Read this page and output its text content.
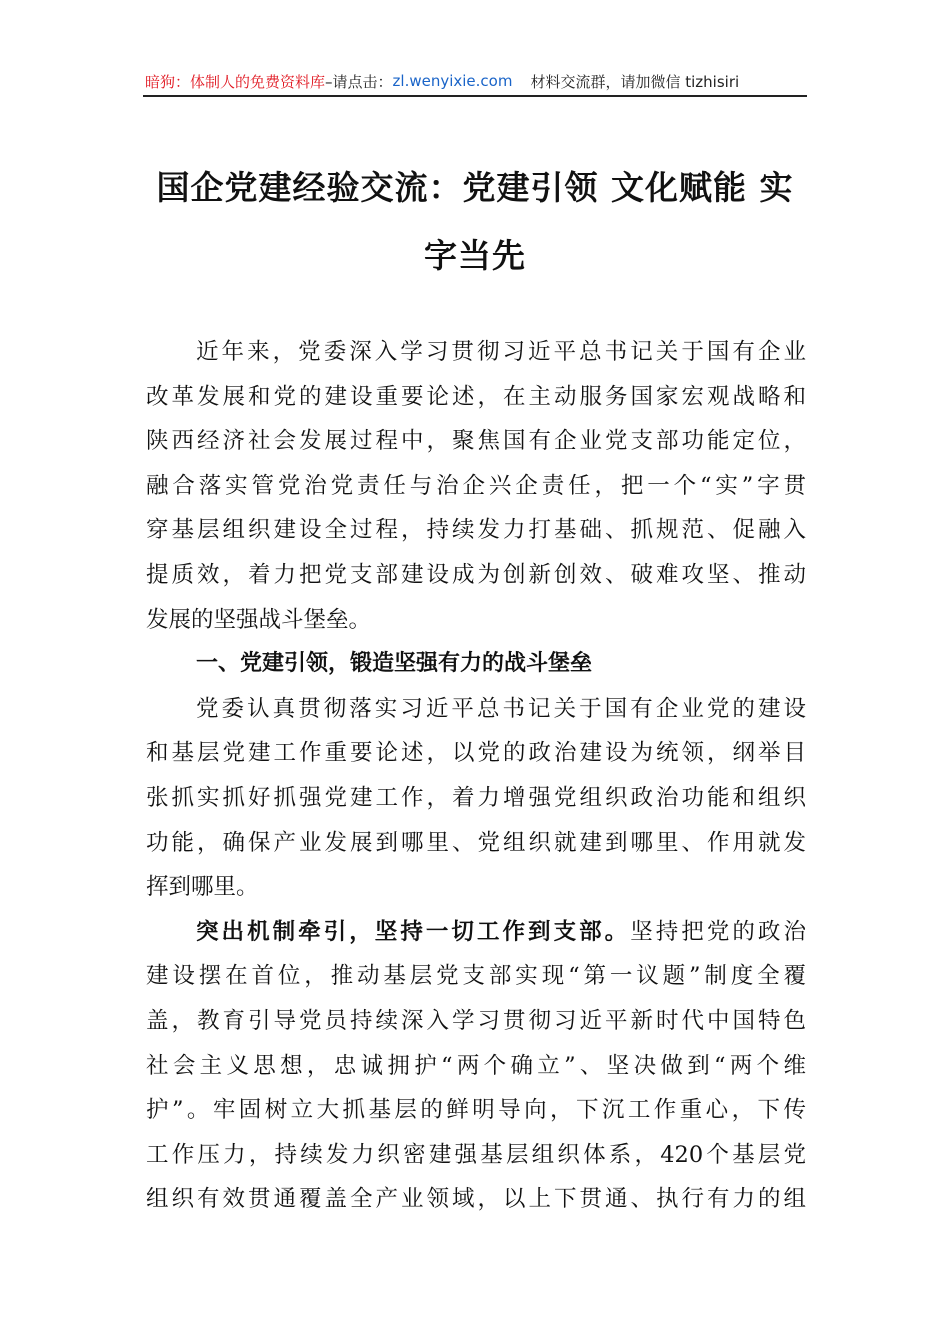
暗狗：体制人的免费资料库 –请点击： zl.wenyixie.com 材料交流群，请加微信 tizhisiri
国企党建经验交流：党建引领 文化赋能 实
字当先
近年来，党委深入学习贯彻习近平总书记关于国有企业
改革发展和党的建设重要论述，在主动服务国家宏观战略和
陕西经济社会发展过程中，聚焦国有企业党支部功能定位，
融合落实管党治党责任与治企兴企责任，把一个“实”字贯
穿基层组织建设全过程，持续发力打基础、抓规范、促融入
提质效，着力把党支部建设成为创新创效、破难攻坚、推动
发展的坚强战斗堡垒。
一、党建引领，锻造坚强有力的战斗堡垒
党委认真贯彻落实习近平总书记关于国有企业党的建设
和基层党建工作重要论述，以党的政治建设为统领，纲举目
张抓实抓好抓强党建工作，着力增强党组织政治功能和组织
功能，确保产业发展到哪里、党组织就建到哪里、作用就发
挥到哪里。
突出机制牵引，坚持一切工作到支部。坚持把党的政治
建设摆在首位，推动基层党支部实现“第一议题”制度全覆
盖，教育引导党员持续深入学习贯彻习近平新时代中国特色
社会主义思想，忠诚拥护“两个确立”、坚决做到“两个维
护”。牢固树立大抓基层的鲜明导向，下沉工作重心，下传
工作压力，持续发力织密建强基层组织体系，420个基层党
组织有效贯通覆盖全产业领域，以上下贯通、执行有力的组
